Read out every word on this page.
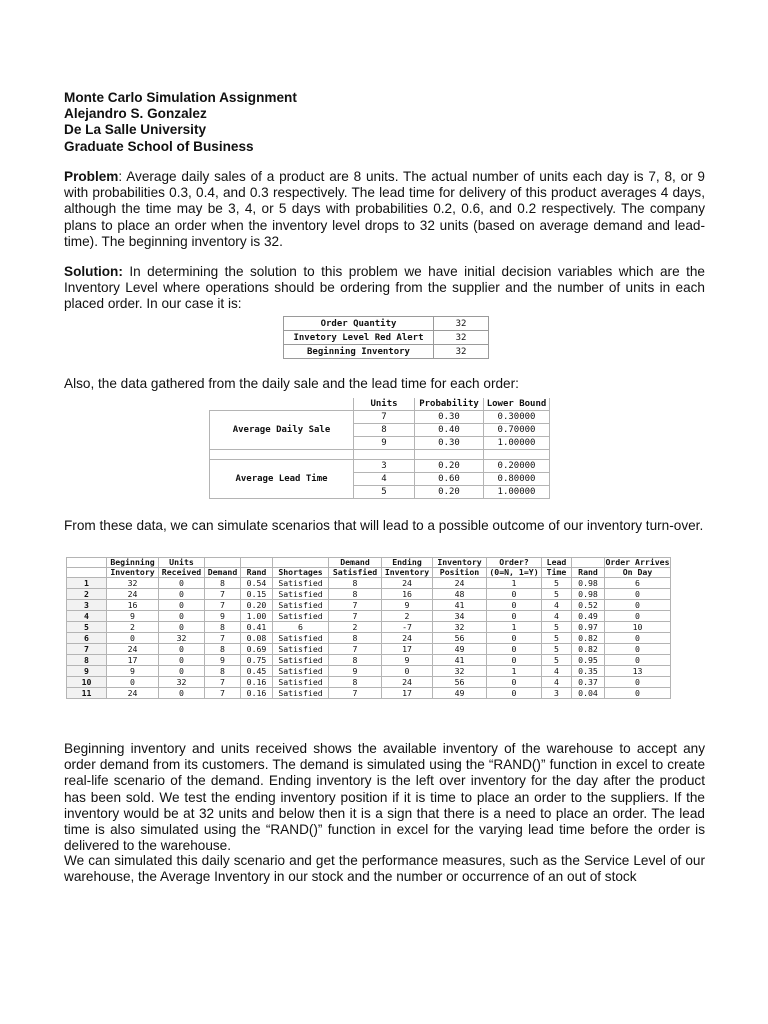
Monte Carlo Simulation Assignment
Alejandro S. Gonzalez
De La Salle University
Graduate School of Business
Problem: Average daily sales of a product are 8 units. The actual number of units each day is 7, 8, or 9 with probabilities 0.3, 0.4, and 0.3 respectively. The lead time for delivery of this product averages 4 days, although the time may be 3, 4, or 5 days with probabilities 0.2, 0.6, and 0.2 respectively. The company plans to place an order when the inventory level drops to 32 units (based on average demand and lead-time). The beginning inventory is 32.
Solution: In determining the solution to this problem we have initial decision variables which are the Inventory Level where operations should be ordering from the supplier and the number of units in each placed order. In our case it is:
Order Quantity	32
Invetory Level Red Alert	32
Beginning Inventory	32
Also, the data gathered from the daily sale and the lead time for each order:
	Units	Probability	Lower Bound
	7	0.30	0.30000
Average Daily Sale	8	0.40	0.70000
	9	0.30	1.00000

	3	0.20	0.20000
Average Lead Time	4	0.60	0.80000
	5	0.20	1.00000
From these data, we can simulate scenarios that will lead to a possible outcome of our inventory turn-over.
	Beginning	Units				Demand	Ending	Inventory	Order?	Lead		Order Arrives
	Inventory	Received	Demand	Rand	Shortages	Satisfied	Inventory	Position	(0=N, 1=Y)	Time	Rand	On Day
1	32	0	8	0.54	Satisfied	8	24	24	1	5	0.98	6
2	24	0	7	0.15	Satisfied	8	16	48	0	5	0.98	0
3	16	0	7	0.20	Satisfied	7	9	41	0	4	0.52	0
4	9	0	9	1.00	Satisfied	7	2	34	0	4	0.49	0
5	2	0	8	0.41	6	2	-7	32	1	5	0.97	10
6	0	32	7	0.08	Satisfied	8	24	56	0	5	0.82	0
7	24	0	8	0.69	Satisfied	7	17	49	0	5	0.82	0
8	17	0	9	0.75	Satisfied	8	9	41	0	5	0.95	0
9	9	0	8	0.45	Satisfied	9	0	32	1	4	0.35	13
10	0	32	7	0.16	Satisfied	8	24	56	0	4	0.37	0
11	24	0	7	0.16	Satisfied	7	17	49	0	3	0.04	0
Beginning inventory and units received shows the available inventory of the warehouse to accept any order demand from its customers. The demand is simulated using the “RAND()” function in excel to create real-life scenario of the demand. Ending inventory is the left over inventory for the day after the product has been sold. We test the ending inventory position if it is time to place an order to the suppliers. If the inventory would be at 32 units and below then it is a sign that there is a need to place an order. The lead time is also simulated using the “RAND()” function in excel for the varying lead time before the order is delivered to the warehouse.
We can simulated this daily scenario and get the performance measures, such as the Service Level of our warehouse, the Average Inventory in our stock and the number or occurrence of an out of stock
